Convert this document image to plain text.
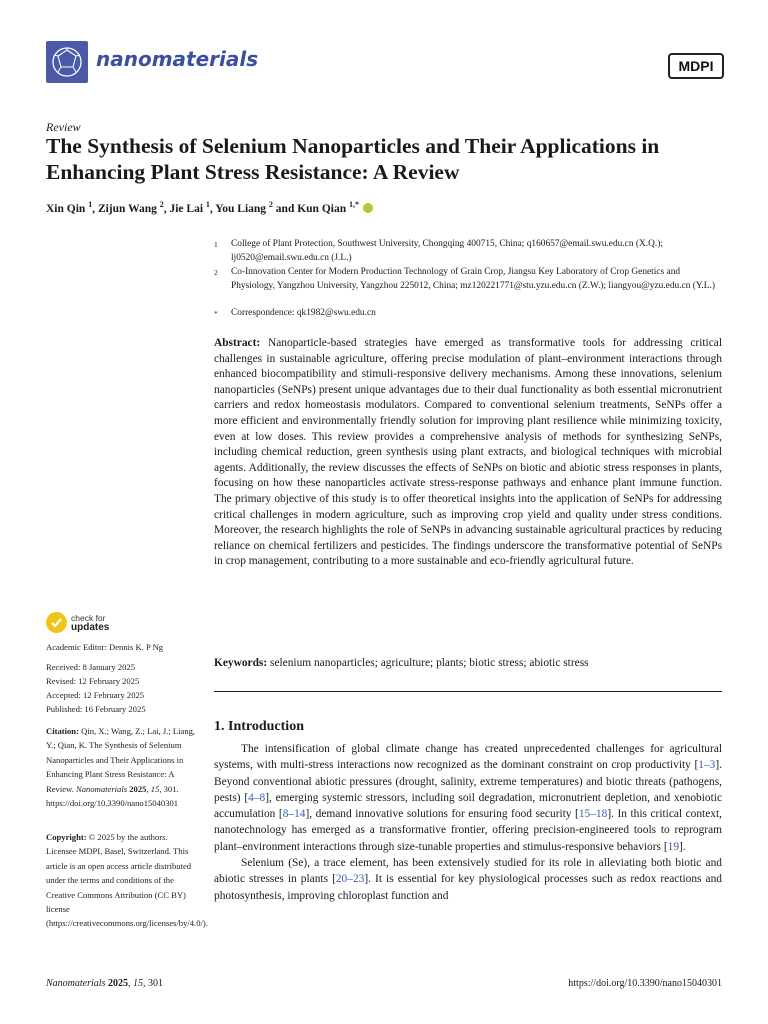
nanomaterials	MDPI
Review
The Synthesis of Selenium Nanoparticles and Their Applications in Enhancing Plant Stress Resistance: A Review
Xin Qin $^1$, Zijun Wang $^2$, Jie Lai $^1$, You Liang $^2$ and Kun Qian $^{1,*}$
1 College of Plant Protection, Southwest University, Chongqing 400715, China; q160657@email.swu.edu.cn (X.Q.); lj0520@email.swu.edu.cn (J.L.)
2 Co-Innovation Center for Modern Production Technology of Grain Crop, Jiangsu Key Laboratory of Crop Genetics and Physiology, Yangzhou University, Yangzhou 225012, China; mz120221771@stu.yzu.edu.cn (Z.W.); liangyou@yzu.edu.cn (Y.L.)
* Correspondence: qk1982@swu.edu.cn
Abstract: Nanoparticle-based strategies have emerged as transformative tools for addressing critical challenges in sustainable agriculture, offering precise modulation of plant–environment interactions through enhanced biocompatibility and stimuli-responsive delivery mechanisms. Among these innovations, selenium nanoparticles (SeNPs) present unique advantages due to their dual functionality as both essential micronutrient carriers and redox homeostasis modulators. Compared to conventional selenium treatments, SeNPs offer a more efficient and environmentally friendly solution for improving plant resilience while minimizing toxicity, even at low doses. This review provides a comprehensive analysis of methods for synthesizing SeNPs, including chemical reduction, green synthesis using plant extracts, and biological techniques with microbial agents. Additionally, the review discusses the effects of SeNPs on biotic and abiotic stress responses in plants, focusing on how these nanoparticles activate stress-response pathways and enhance plant immune function. The primary objective of this study is to offer theoretical insights into the application of SeNPs for addressing critical challenges in modern agriculture, such as improving crop yield and quality under stress conditions. Moreover, the research highlights the role of SeNPs in advancing sustainable agricultural practices by reducing reliance on chemical fertilizers and pesticides. The findings underscore the transformative potential of SeNPs in crop management, contributing to a more sustainable and eco-friendly agricultural future.
Keywords: selenium nanoparticles; agriculture; plants; biotic stress; abiotic stress
check for
updates
Academic Editor: Dennis K. P Ng
Received: 8 January 2025
Revised: 12 February 2025
Accepted: 12 February 2025
Published: 16 February 2025
Citation: Qin, X.; Wang, Z.; Lai, J.; Liang, Y.; Qian, K. The Synthesis of Selenium Nanoparticles and Their Applications in Enhancing Plant Stress Resistance: A Review. Nanomaterials 2025, 15, 301. https://doi.org/10.3390/nano15040301
Copyright: © 2025 by the authors. Licensee MDPI, Basel, Switzerland. This article is an open access article distributed under the terms and conditions of the Creative Commons Attribution (CC BY) license (https://creativecommons.org/licenses/by/4.0/).
1. Introduction

The intensification of global climate change has created unprecedented challenges for agricultural systems, with multi-stress interactions now recognized as the dominant constraint on crop productivity [1–3]. Beyond conventional abiotic pressures (drought, salinity, extreme temperatures) and biotic threats (pathogens, pests) [4–8], emerging systemic stressors, including soil degradation, micronutrient depletion, and xenobiotic accumulation [8–14], demand innovative solutions for ensuring food security [15–18]. In this critical context, nanotechnology has emerged as a transformative frontier, offering precision-engineered tools to reprogram plant–environment interactions through size-tunable properties and stimulus-responsive behaviors [19].

Selenium (Se), a trace element, has been extensively studied for its role in alleviating both biotic and abiotic stresses in plants [20–23]. It is essential for key physiological processes such as redox reactions and photosynthesis, improving chloroplast function and

Nanomaterials 2025, 15, 301	https://doi.org/10.3390/nano15040301
